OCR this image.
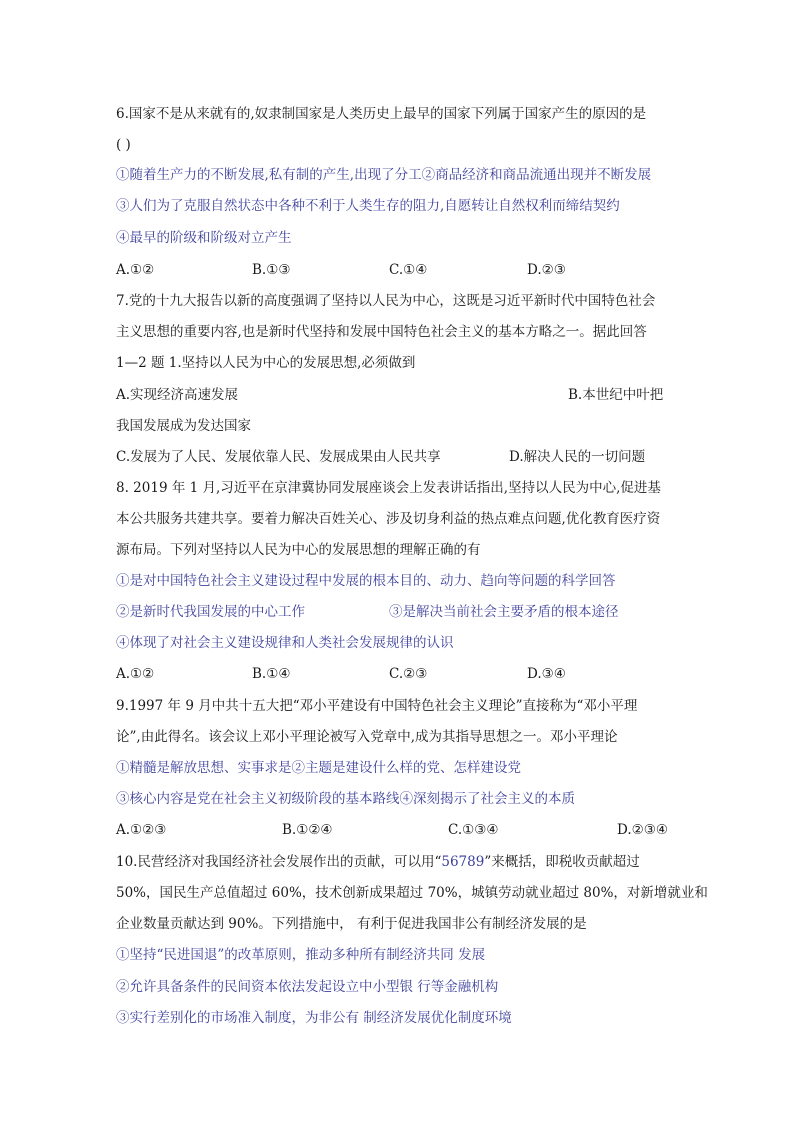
6.国家不是从来就有的,奴隶制国家是人类历史上最早的国家下列属于国家产生的原因的是
( )
①随着生产力的不断发展,私有制的产生,出现了分工②商品经济和商品流通出现并不断发展
③人们为了克服自然状态中各种不利于人类生存的阻力,自愿转让自然权利而缔结契约
④最早的阶级和阶级对立产生
A.①②	B.①③	C.①④	D.②③
7.党的十九大报告以新的高度强调了坚持以人民为中心，这既是习近平新时代中国特色社会
主义思想的重要内容,也是新时代坚持和发展中国特色社会主义的基本方略之一。据此回答
1—2 题 1.坚持以人民为中心的发展思想,必须做到
A.实现经济高速发展	B.本世纪中叶把
我国发展成为发达国家
C.发展为了人民、发展依靠人民、发展成果由人民共享	D.解决人民的一切问题
8. 2019 年 1 月,习近平在京津冀协同发展座谈会上发表讲话指出,坚持以人民为中心,促进基
本公共服务共建共享。要着力解决百姓关心、涉及切身利益的热点难点问题,优化教育医疗资
源布局。下列对坚持以人民为中心的发展思想的理解正确的有
①是对中国特色社会主义建设过程中发展的根本目的、动力、趋向等问题的科学回答
②是新时代我国发展的中心工作	③是解决当前社会主要矛盾的根本途径
④体现了对社会主义建设规律和人类社会发展规律的认识
A.①②	B.①④	C.②③	D.③④
9.1997 年 9 月中共十五大把“邓小平建设有中国特色社会主义理论”直接称为“邓小平理
论”,由此得名。该会议上邓小平理论被写入党章中,成为其指导思想之一。邓小平理论
①精髓是解放思想、实事求是②主题是建设什么样的党、怎样建设党
③核心内容是党在社会主义初级阶段的基本路线④深刻揭示了社会主义的本质
A.①②③	B.①②④	C.①③④	D.②③④
10.民营经济对我国经济社会发展作出的贡献，可以用“56789”来概括，即税收贡献超过
50%，国民生产总值超过 60%，技术创新成果超过 70%，城镇劳动就业超过 80%，对新增就业和
企业数量贡献达到 90%。下列措施中， 有利于促进我国非公有制经济发展的是
①坚持“民进国退”的改革原则，推动多种所有制经济共同 发展
②允许具备条件的民间资本依法发起设立中小型银 行等金融机构
③实行差别化的市场准入制度，为非公有 制经济发展优化制度环境
